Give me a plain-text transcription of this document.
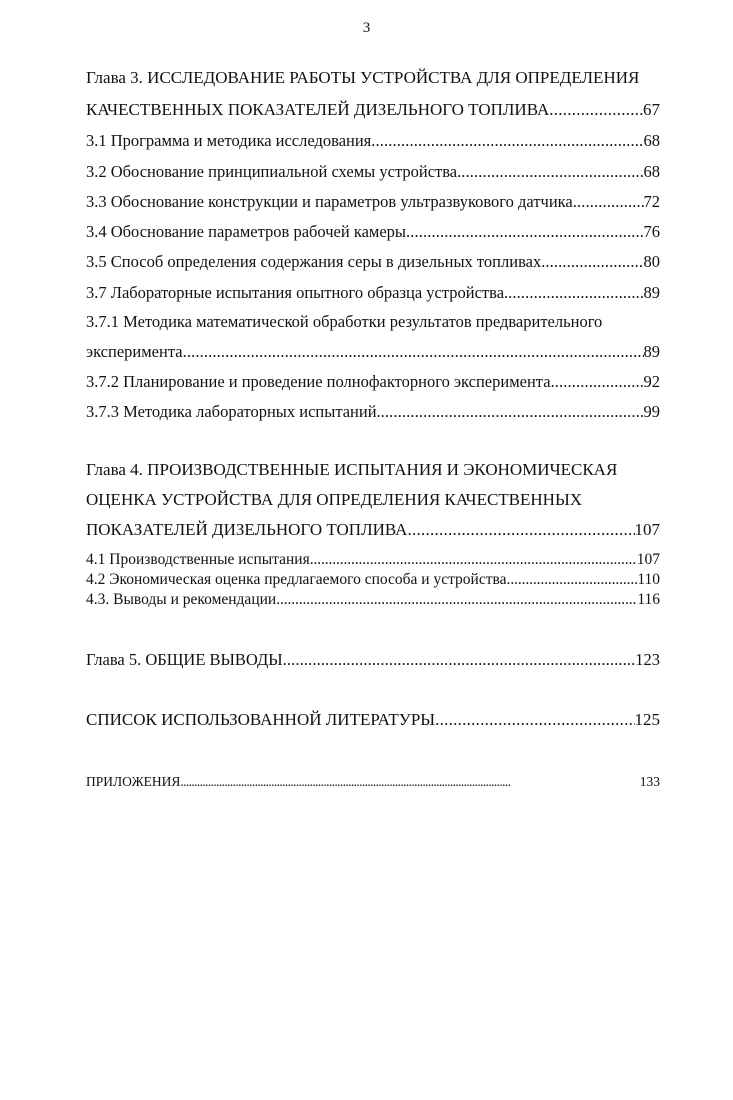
3
Глава 3. ИССЛЕДОВАНИЕ РАБОТЫ УСТРОЙСТВА ДЛЯ ОПРЕДЕЛЕНИЯ
КАЧЕСТВЕННЫХ ПОКАЗАТЕЛЕЙ ДИЗЕЛЬНОГО ТОПЛИВА . . .	67
3.1 Программа и методика исследования . . .	68
3.2 Обоснование принципиальной схемы устройства. . . .	68
3.3 Обоснование конструкции и параметров ультразвукового датчика . . .	72
3.4 Обоснование параметров рабочей камеры . . .	76
3.5 Способ определения содержания серы в дизельных топливах. . . .	80
3.7 Лабораторные испытания опытного образца устройства. . . .	89
3.7.1 Методика математической обработки результатов предварительного
эксперимента . . .	89
3.7.2 Планирование и проведение полнофакторного эксперимента . . .	92
3.7.3 Методика лабораторных испытаний. . . .	99
Глава 4. ПРОИЗВОДСТВЕННЫЕ ИСПЫТАНИЯ И ЭКОНОМИЧЕСКАЯ
ОЦЕНКА УСТРОЙСТВА ДЛЯ ОПРЕДЕЛЕНИЯ КАЧЕСТВЕННЫХ
ПОКАЗАТЕЛЕЙ ДИЗЕЛЬНОГО ТОПЛИВА . . .	107
4.1 Производственные испытания . . .	107
4.2 Экономическая оценка предлагаемого способа и устройства. . . .	110
4.3. Выводы и рекомендации . . .	116
Глава 5. ОБЩИЕ ВЫВОДЫ . . .	123
СПИСОК ИСПОЛЬЗОВАННОЙ ЛИТЕРАТУРЫ . . .	125
ПРИЛОЖЕНИЯ . . .	133
